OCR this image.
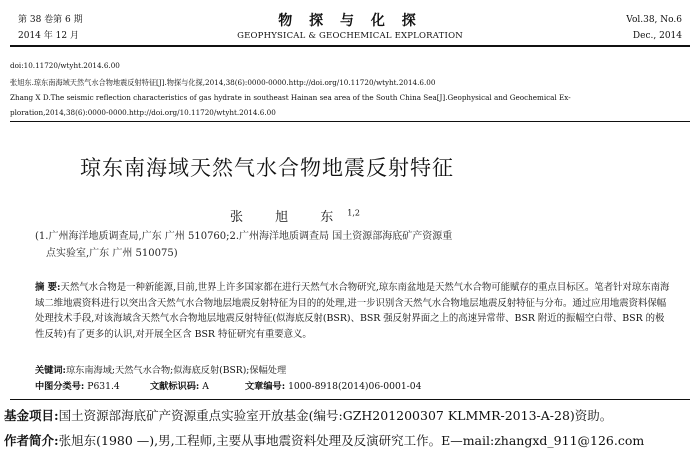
第 38 卷第 6 期
2014 年 12 月
物 探 与 化 探
GEOPHYSICAL & GEOCHEMICAL EXPLORATION
Vol.38, No.6
Dec., 2014
doi:10.11720/wtyht.2014.6.00
张旭东.琼东南海域天然气水合物地震反射特征[J].物探与化探,2014,38(6):0000-0000.http://doi.org/10.11720/wtyht.2014.6.00
Zhang X D.The seismic reflection characteristics of gas hydrate in southeast Hainan sea area of the South China Sea[J].Geophysical and Geochemical Ex-
ploration,2014,38(6):0000-0000.http://doi.org/10.11720/wtyht.2014.6.00
琼东南海域天然气水合物地震反射特征
张 旭 东$^{1,2}$
(1.广州海洋地质调查局,广东 广州 510760;2.广州海洋地质调查局 国土资源部海底矿产资源重
点实验室,广东 广州 510075)
摘 要:天然气水合物是一种新能源,目前,世界上许多国家都在进行天然气水合物研究,琼东南盆地是天然气水合物可能赋存的重点目标区。笔者针对琼东南海域二维地震资料进行以突出含天然气水合物地层地震反射特征为目的的处理,进一步识别含天然气水合物地层地震反射特征与分布。通过应用地震资料保幅处理技术手段,对该海域含天然气水合物地层地震反射特征(似海底反射(BSR)、BSR 强反射界面之上的高速异常带、BSR 附近的振幅空白带、BSR 的极性反转)有了更多的认识,对开展全区含 BSR 特征研究有重要意义。
关键词:琼东南海域;天然气水合物;似海底反射(BSR);保幅处理
中图分类号: P631.4	文献标识码: A	文章编号: 1000-8918(2014)06-0001-04
基金项目:国土资源部海底矿产资源重点实验室开放基金(编号:GZH201200307 KLMMR-2013-A-28)资助。
作者简介:张旭东(1980 —),男,工程师,主要从事地震资料处理及反演研究工作。E—mail:zhangxd_911@126.com
